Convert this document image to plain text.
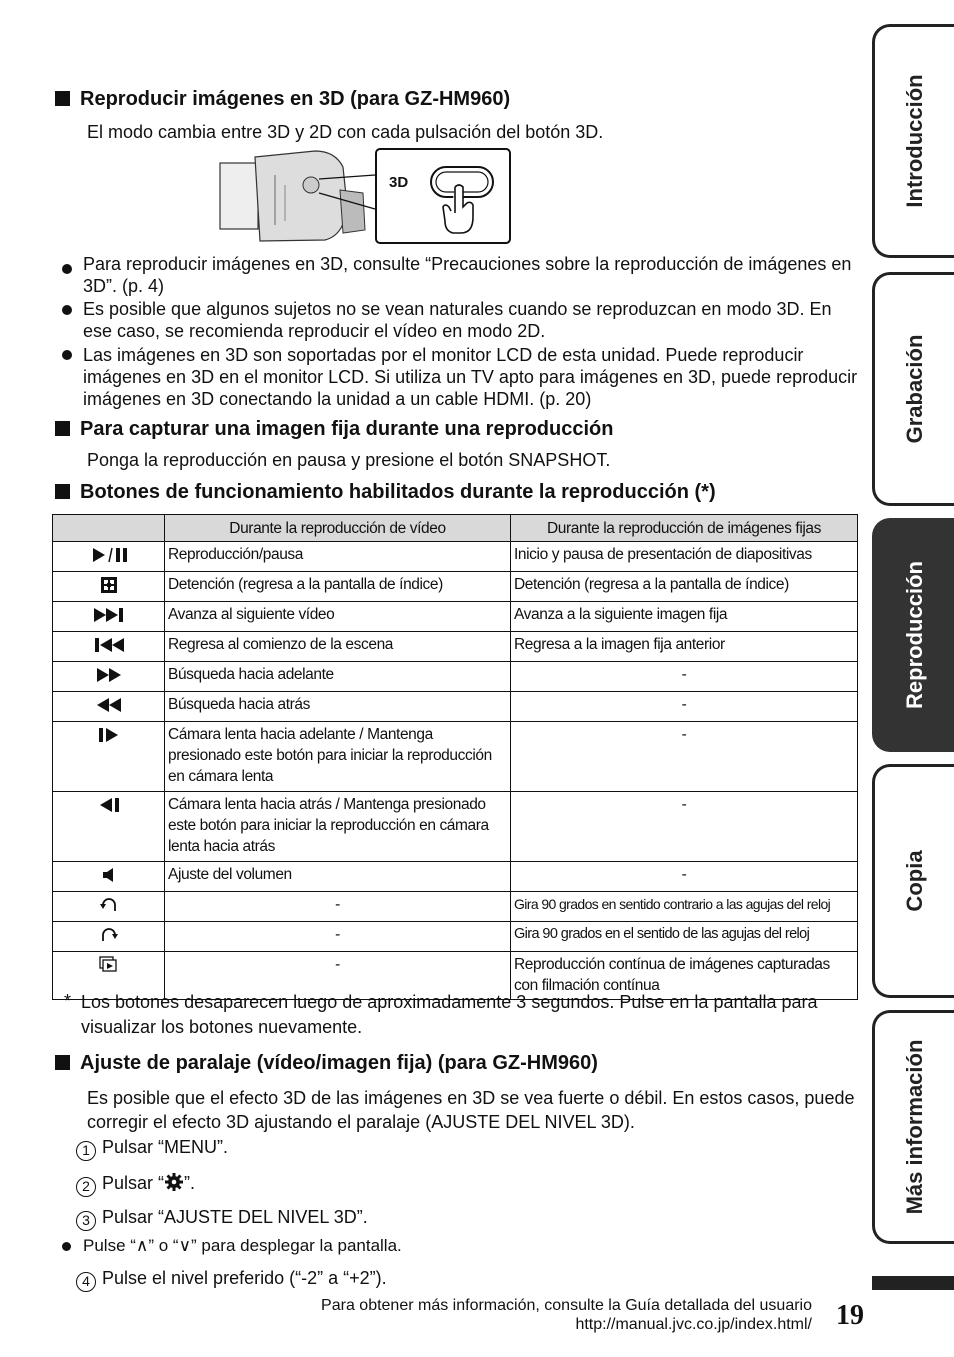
Reproducir imágenes en 3D (para GZ-HM960)
El modo cambia entre 3D y 2D con cada pulsación del botón 3D.
3D
Para reproducir imágenes en 3D, consulte “Precauciones sobre la reproducción de imágenes en 3D”. (p. 4)
Es posible que algunos sujetos no se vean naturales cuando se reproduzcan en modo 3D. En ese caso, se recomienda reproducir el vídeo en modo 2D.
Las imágenes en 3D son soportadas por el monitor LCD de esta unidad. Puede reproducir imágenes en 3D en el monitor LCD. Si utiliza un TV apto para imágenes en 3D, puede reproducir imágenes en 3D conectando la unidad a un cable HDMI. (p. 20)
Para capturar una imagen fija durante una reproducción
Ponga la reproducción en pausa y presione el botón SNAPSHOT.
Botones de funcionamiento habilitados durante la reproducción (*)
	Durante la reproducción de vídeo	Durante la reproducción de imágenes fijas
	Reproducción/pausa	Inicio y pausa de presentación de diapositivas
	Detención (regresa a la pantalla de índice)	Detención (regresa a la pantalla de índice)
	Avanza al siguiente vídeo	Avanza a la siguiente imagen fija
	Regresa al comienzo de la escena	Regresa a la imagen fija anterior
	Búsqueda hacia adelante	-
	Búsqueda hacia atrás	-
	Cámara lenta hacia adelante / Mantenga presionado este botón para iniciar la reproducción en cámara lenta	-
	Cámara lenta hacia atrás / Mantenga presionado este botón para iniciar la reproducción en cámara lenta hacia atrás	-
	Ajuste del volumen	-
	-	Gira 90 grados en sentido contrario a las agujas del reloj
	-	Gira 90 grados en el sentido de las agujas del reloj
	-	Reproducción contínua de imágenes capturadas con filmación contínua
* Los botones desaparecen luego de aproximadamente 3 segundos. Pulse en la pantalla para visualizar los botones nuevamente.
Ajuste de paralaje (vídeo/imagen fija) (para GZ-HM960)
Es posible que el efecto 3D de las imágenes en 3D se vea fuerte o débil. En estos casos, puede corregir el efecto 3D ajustando el paralaje (AJUSTE DEL NIVEL 3D).
1 Pulsar “MENU”.
2 Pulsar “ ”.
3 Pulsar “AJUSTE DEL NIVEL 3D”.
Pulse “∧” o “∨” para desplegar la pantalla.
4 Pulse el nivel preferido (“-2” a “+2”).
Para obtener más información, consulte la Guía detallada del usuario
http://manual.jvc.co.jp/index.html/ 19
Introducción
Grabación
Reproducción
Copia
Más información
